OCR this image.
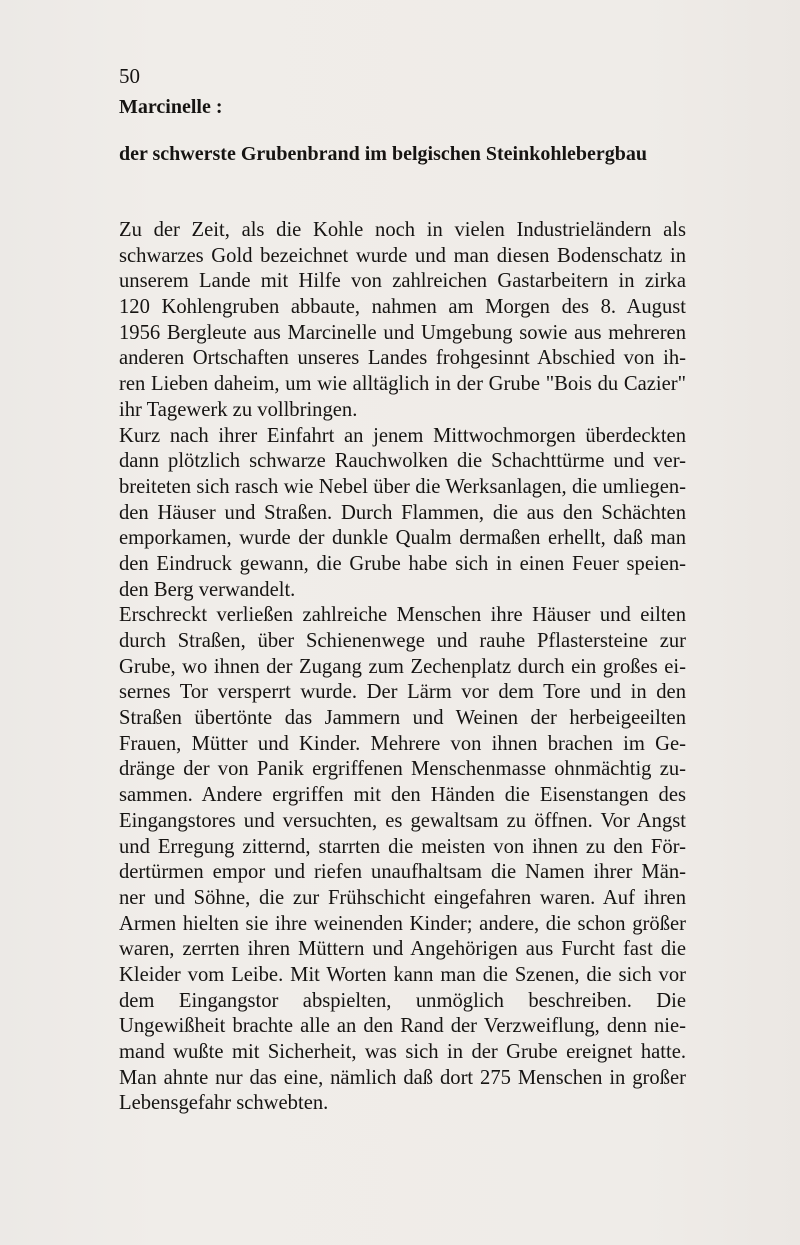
50

Marcinelle :
der schwerste Grubenbrand im belgischen Steinkohlebergbau

Zu der Zeit, als die Kohle noch in vielen Industrieländern als
schwarzes Gold bezeichnet wurde und man diesen Bodenschatz in
unserem Lande mit Hilfe von zahlreichen Gastarbeitern in zirka
120 Kohlengruben abbaute, nahmen am Morgen des 8. August
1956 Bergleute aus Marcinelle und Umgebung sowie aus mehreren
anderen Ortschaften unseres Landes frohgesinnt Abschied von ih-
ren Lieben daheim, um wie alltäglich in der Grube "Bois du Cazier"
ihr Tagewerk zu vollbringen.

Kurz nach ihrer Einfahrt an jenem Mittwochmorgen überdeckten
dann plötzlich schwarze Rauchwolken die Schachttürme und ver-
breiteten sich rasch wie Nebel über die Werksanlagen, die umliegen-
den Häuser und Straßen. Durch Flammen, die aus den Schächten
emporkamen, wurde der dunkle Qualm dermaßen erhellt, daß man
den Eindruck gewann, die Grube habe sich in einen Feuer speien-
den Berg verwandelt.

Erschreckt verließen zahlreiche Menschen ihre Häuser und eilten
durch Straßen, über Schienenwege und rauhe Pflastersteine zur
Grube, wo ihnen der Zugang zum Zechenplatz durch ein großes ei-
sernes Tor versperrt wurde. Der Lärm vor dem Tore und in den
Straßen übertönte das Jammern und Weinen der herbeigeeilten
Frauen, Mütter und Kinder. Mehrere von ihnen brachen im Ge-
dränge der von Panik ergriffenen Menschenmasse ohnmächtig zu-
sammen. Andere ergriffen mit den Händen die Eisenstangen des
Eingangstores und versuchten, es gewaltsam zu öffnen. Vor Angst
und Erregung zitternd, starrten die meisten von ihnen zu den För-
dertürmen empor und riefen unaufhaltsam die Namen ihrer Män-
ner und Söhne, die zur Frühschicht eingefahren waren. Auf ihren
Armen hielten sie ihre weinenden Kinder; andere, die schon größer
waren, zerrten ihren Müttern und Angehörigen aus Furcht fast die
Kleider vom Leibe. Mit Worten kann man die Szenen, die sich vor
dem Eingangstor abspielten, unmöglich beschreiben. Die
Ungewißheit brachte alle an den Rand der Verzweiflung, denn nie-
mand wußte mit Sicherheit, was sich in der Grube ereignet hatte.
Man ahnte nur das eine, nämlich daß dort 275 Menschen in großer
Lebensgefahr schwebten.
